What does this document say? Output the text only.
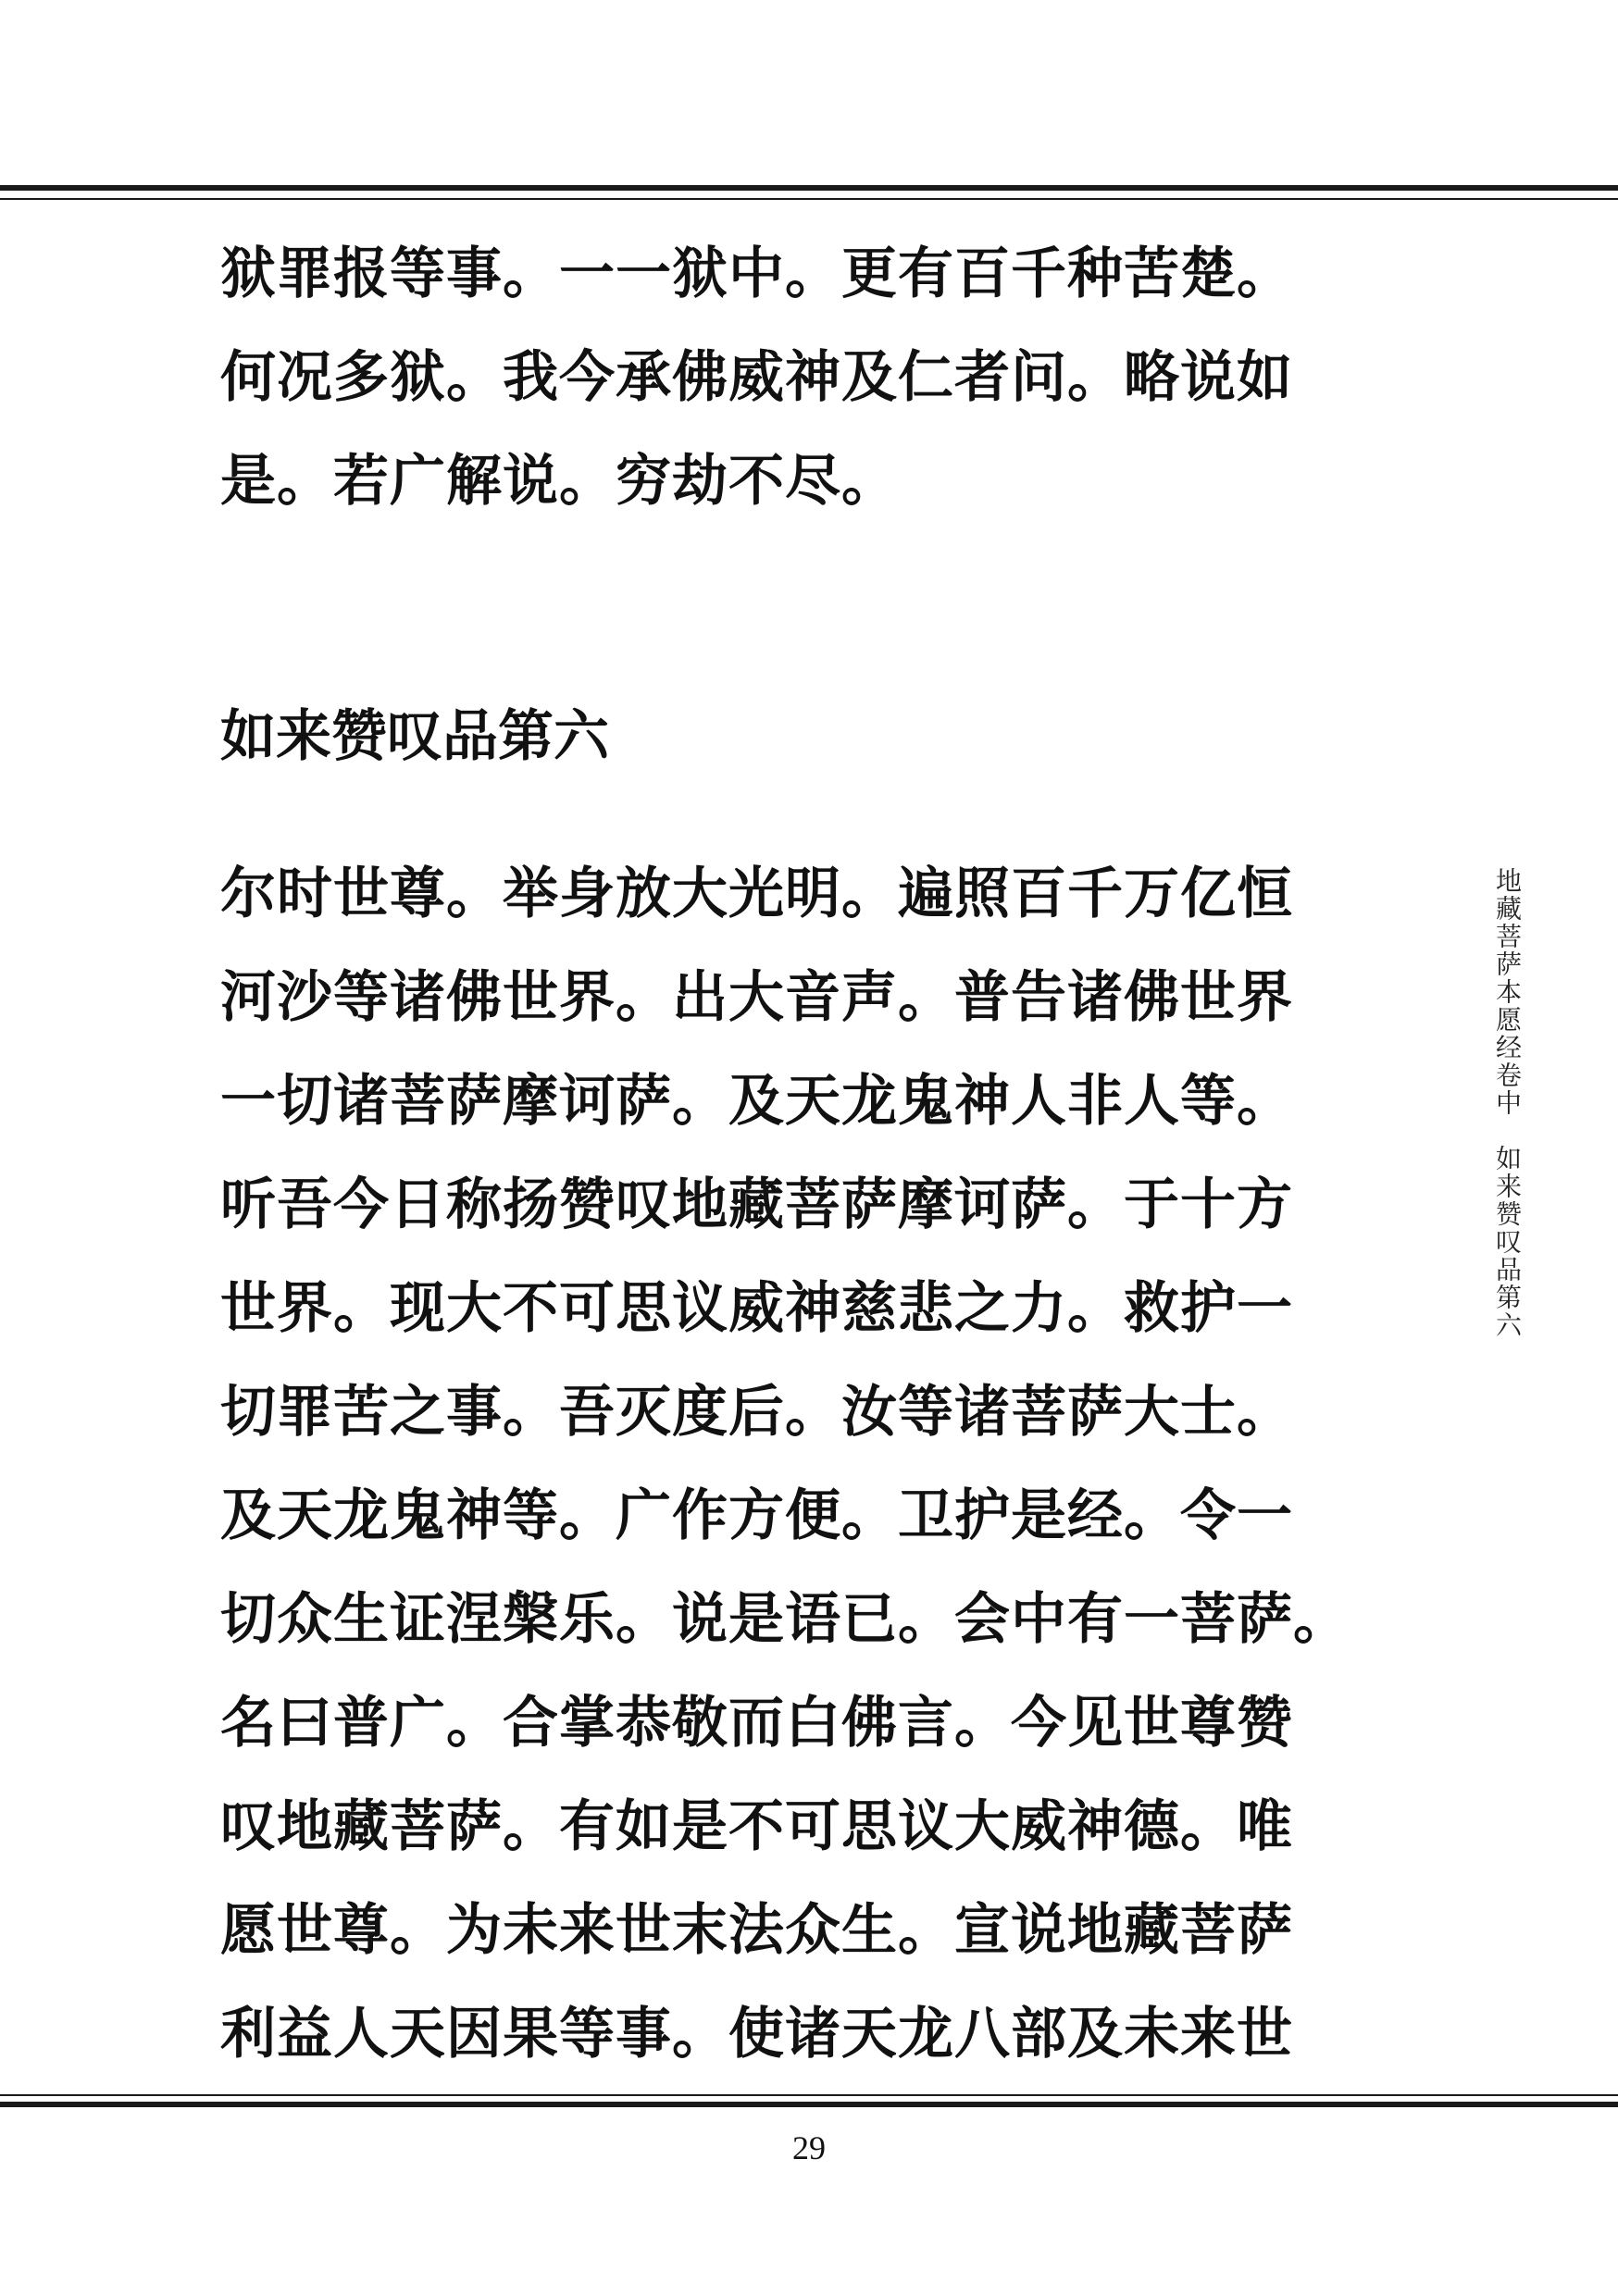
狱罪报等事。一一狱中。更有百千种苦楚。
何况多狱。我今承佛威神及仁者问。略说如
是。若广解说。穷劫不尽。
如来赞叹品第六
尔时世尊。举身放大光明。遍照百千万亿恒
河沙等诸佛世界。出大音声。普告诸佛世界
一切诸菩萨摩诃萨。及天龙鬼神人非人等。
听吾今日称扬赞叹地藏菩萨摩诃萨。于十方
世界。现大不可思议威神慈悲之力。救护一
切罪苦之事。吾灭度后。汝等诸菩萨大士。
及天龙鬼神等。广作方便。卫护是经。令一
切众生证涅槃乐。说是语已。会中有一菩萨。
名曰普广。合掌恭敬而白佛言。今见世尊赞
叹地藏菩萨。有如是不可思议大威神德。唯
愿世尊。为未来世末法众生。宣说地藏菩萨
利益人天因果等事。使诸天龙八部及未来世
地藏菩萨本愿经卷中　如来赞叹品第六
29
